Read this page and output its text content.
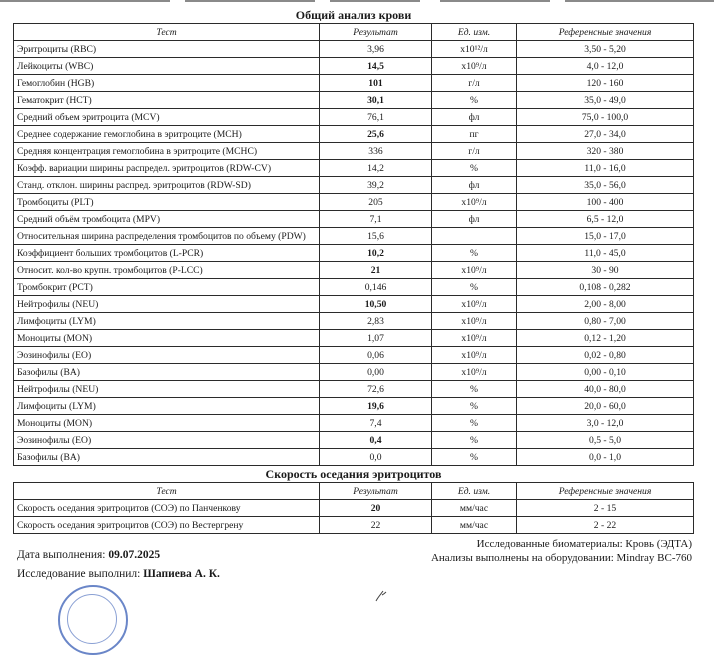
Общий анализ крови			
Тест	Результат	Ед. изм.	Референсные значения
Эритроциты (RBC)	3,96	x10¹²/л	3,50 - 5,20
Лейкоциты (WBC)	14,5	x10⁹/л	4,0 - 12,0
Гемоглобин (HGB)	101	г/л	120 - 160
Гематокрит (HCT)	30,1	%	35,0 - 49,0
Средний объем эритроцита (MCV)	76,1	фл	75,0 - 100,0
Среднее содержание гемоглобина в эритроците (MCH)	25,6	пг	27,0 - 34,0
Средняя концентрация гемоглобина в эритроците (MCHC)	336	г/л	320 - 380
Коэфф. вариации ширины распредел. эритроцитов (RDW-CV)	14,2	%	11,0 - 16,0
Станд. отклон. ширины распред. эритроцитов (RDW-SD)	39,2	фл	35,0 - 56,0
Тромбоциты (PLT)	205	x10⁹/л	100 - 400
Средний объём тромбоцита (MPV)	7,1	фл	6,5 - 12,0
Относительная ширина распределения тромбоцитов по объему (PDW)	15,6		15,0 - 17,0
Коэффициент больших тромбоцитов (L-PCR)	10,2	%	11,0 - 45,0
Относит. кол-во крупн. тромбоцитов (P-LCC)	21	x10⁹/л	30 - 90
Тромбокрит (PCT)	0,146	%	0,108 - 0,282
Нейтрофилы (NEU)	10,50	x10⁹/л	2,00 - 8,00
Лимфоциты (LYM)	2,83	x10⁹/л	0,80 - 7,00
Моноциты (MON)	1,07	x10⁹/л	0,12 - 1,20
Эозинофилы (EO)	0,06	x10⁹/л	0,02 - 0,80
Базофилы (BA)	0,00	x10⁹/л	0,00 - 0,10
Нейтрофилы (NEU)	72,6	%	40,0 - 80,0
Лимфоциты (LYM)	19,6	%	20,0 - 60,0
Моноциты (MON)	7,4	%	3,0 - 12,0
Эозинофилы (EO)	0,4	%	0,5 - 5,0
Базофилы (BA)	0,0	%	0,0 - 1,0
Скорость оседания эритроцитов			
Тест	Результат	Ед. изм.	Референсные значения
Скорость оседания эритроцитов (СОЭ) по Панченкову	20	мм/час	2 - 15
Скорость оседания эритроцитов (СОЭ) по Вестергрену	22	мм/час	2 - 22
Исследованные биоматериалы: Кровь (ЭДТА)
Анализы выполнены на оборудовании: Mindray BC-760
Дата выполнения: 09.07.2025
Исследование выполнил: Шапиева А. К.
